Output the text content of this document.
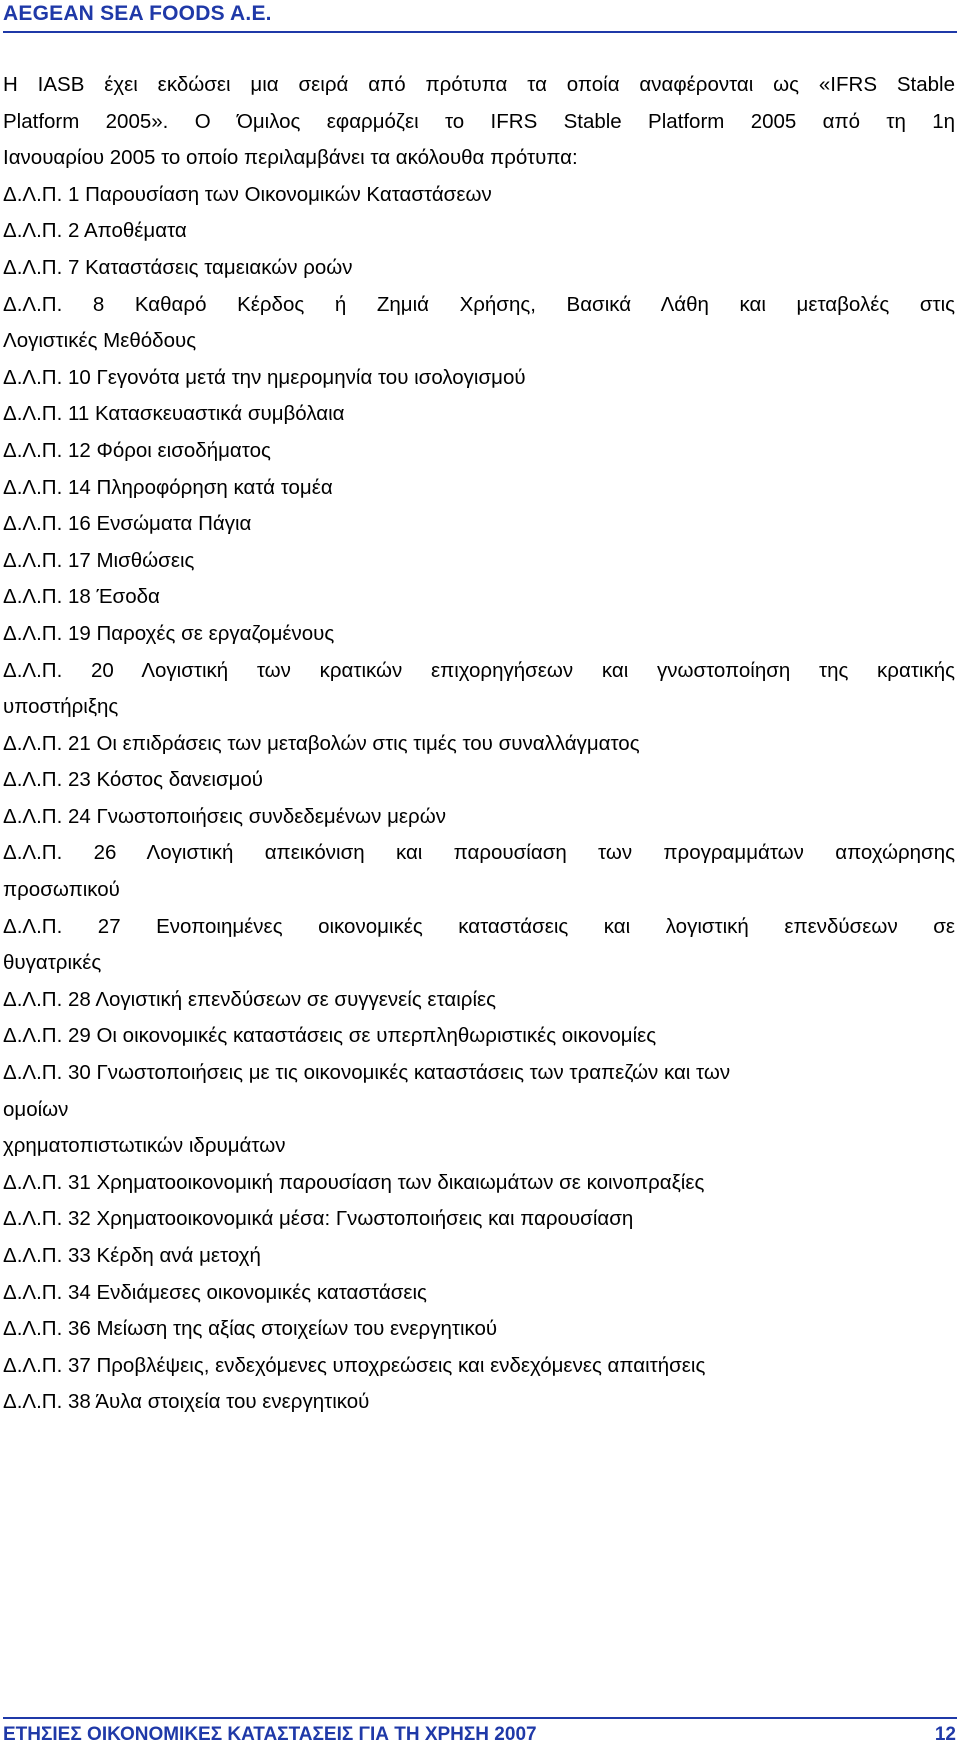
AEGEAN SEA FOODS A.E.
Η IASB έχει εκδώσει μια σειρά από πρότυπα τα οποία αναφέρονται ως «IFRS Stable
Platform 2005». Ο Όμιλος εφαρμόζει το IFRS Stable Platform 2005 από τη 1η
Ιανουαρίου 2005 το οποίο περιλαμβάνει τα ακόλουθα πρότυπα:
Δ.Λ.Π. 1 Παρουσίαση των Οικονομικών Καταστάσεων
Δ.Λ.Π. 2 Αποθέματα
Δ.Λ.Π. 7 Καταστάσεις ταμειακών ροών
Δ.Λ.Π. 8 Καθαρό Κέρδος ή Ζημιά Χρήσης, Βασικά Λάθη και μεταβολές στις
Λογιστικές Μεθόδους
Δ.Λ.Π. 10 Γεγονότα μετά την ημερομηνία του ισολογισμού
Δ.Λ.Π. 11 Κατασκευαστικά συμβόλαια
Δ.Λ.Π. 12 Φόροι εισοδήματος
Δ.Λ.Π. 14 Πληροφόρηση κατά τομέα
Δ.Λ.Π. 16 Ενσώματα Πάγια
Δ.Λ.Π. 17 Μισθώσεις
Δ.Λ.Π. 18 Έσοδα
Δ.Λ.Π. 19 Παροχές σε εργαζομένους
Δ.Λ.Π. 20 Λογιστική των κρατικών επιχορηγήσεων και γνωστοποίηση της κρατικής
υποστήριξης
Δ.Λ.Π. 21 Οι επιδράσεις των μεταβολών στις τιμές του συναλλάγματος
Δ.Λ.Π. 23 Κόστος δανεισμού
Δ.Λ.Π. 24 Γνωστοποιήσεις συνδεδεμένων μερών
Δ.Λ.Π. 26 Λογιστική απεικόνιση και παρουσίαση των προγραμμάτων αποχώρησης
προσωπικού
Δ.Λ.Π. 27 Ενοποιημένες οικονομικές καταστάσεις και λογιστική επενδύσεων σε
θυγατρικές
Δ.Λ.Π. 28 Λογιστική επενδύσεων σε συγγενείς εταιρίες
Δ.Λ.Π. 29 Οι οικονομικές καταστάσεις σε υπερπληθωριστικές οικονομίες
Δ.Λ.Π. 30 Γνωστοποιήσεις με τις οικονομικές καταστάσεις των τραπεζών και των
ομοίων
χρηματοπιστωτικών ιδρυμάτων
Δ.Λ.Π. 31 Χρηματοοικονομική παρουσίαση των δικαιωμάτων σε κοινοπραξίες
Δ.Λ.Π. 32 Χρηματοοικονομικά μέσα: Γνωστοποιήσεις και παρουσίαση
Δ.Λ.Π. 33 Κέρδη ανά μετοχή
Δ.Λ.Π. 34 Ενδιάμεσες οικονομικές καταστάσεις
Δ.Λ.Π. 36 Μείωση της αξίας στοιχείων του ενεργητικού
Δ.Λ.Π. 37 Προβλέψεις, ενδεχόμενες υποχρεώσεις και ενδεχόμενες απαιτήσεις
Δ.Λ.Π. 38 Άυλα στοιχεία του ενεργητικού
ΕΤΗΣΙΕΣ ΟΙΚΟΝΟΜΙΚΕΣ ΚΑΤΑΣΤΑΣΕΙΣ ΓΙΑ ΤΗ ΧΡΗΣΗ 2007	12
